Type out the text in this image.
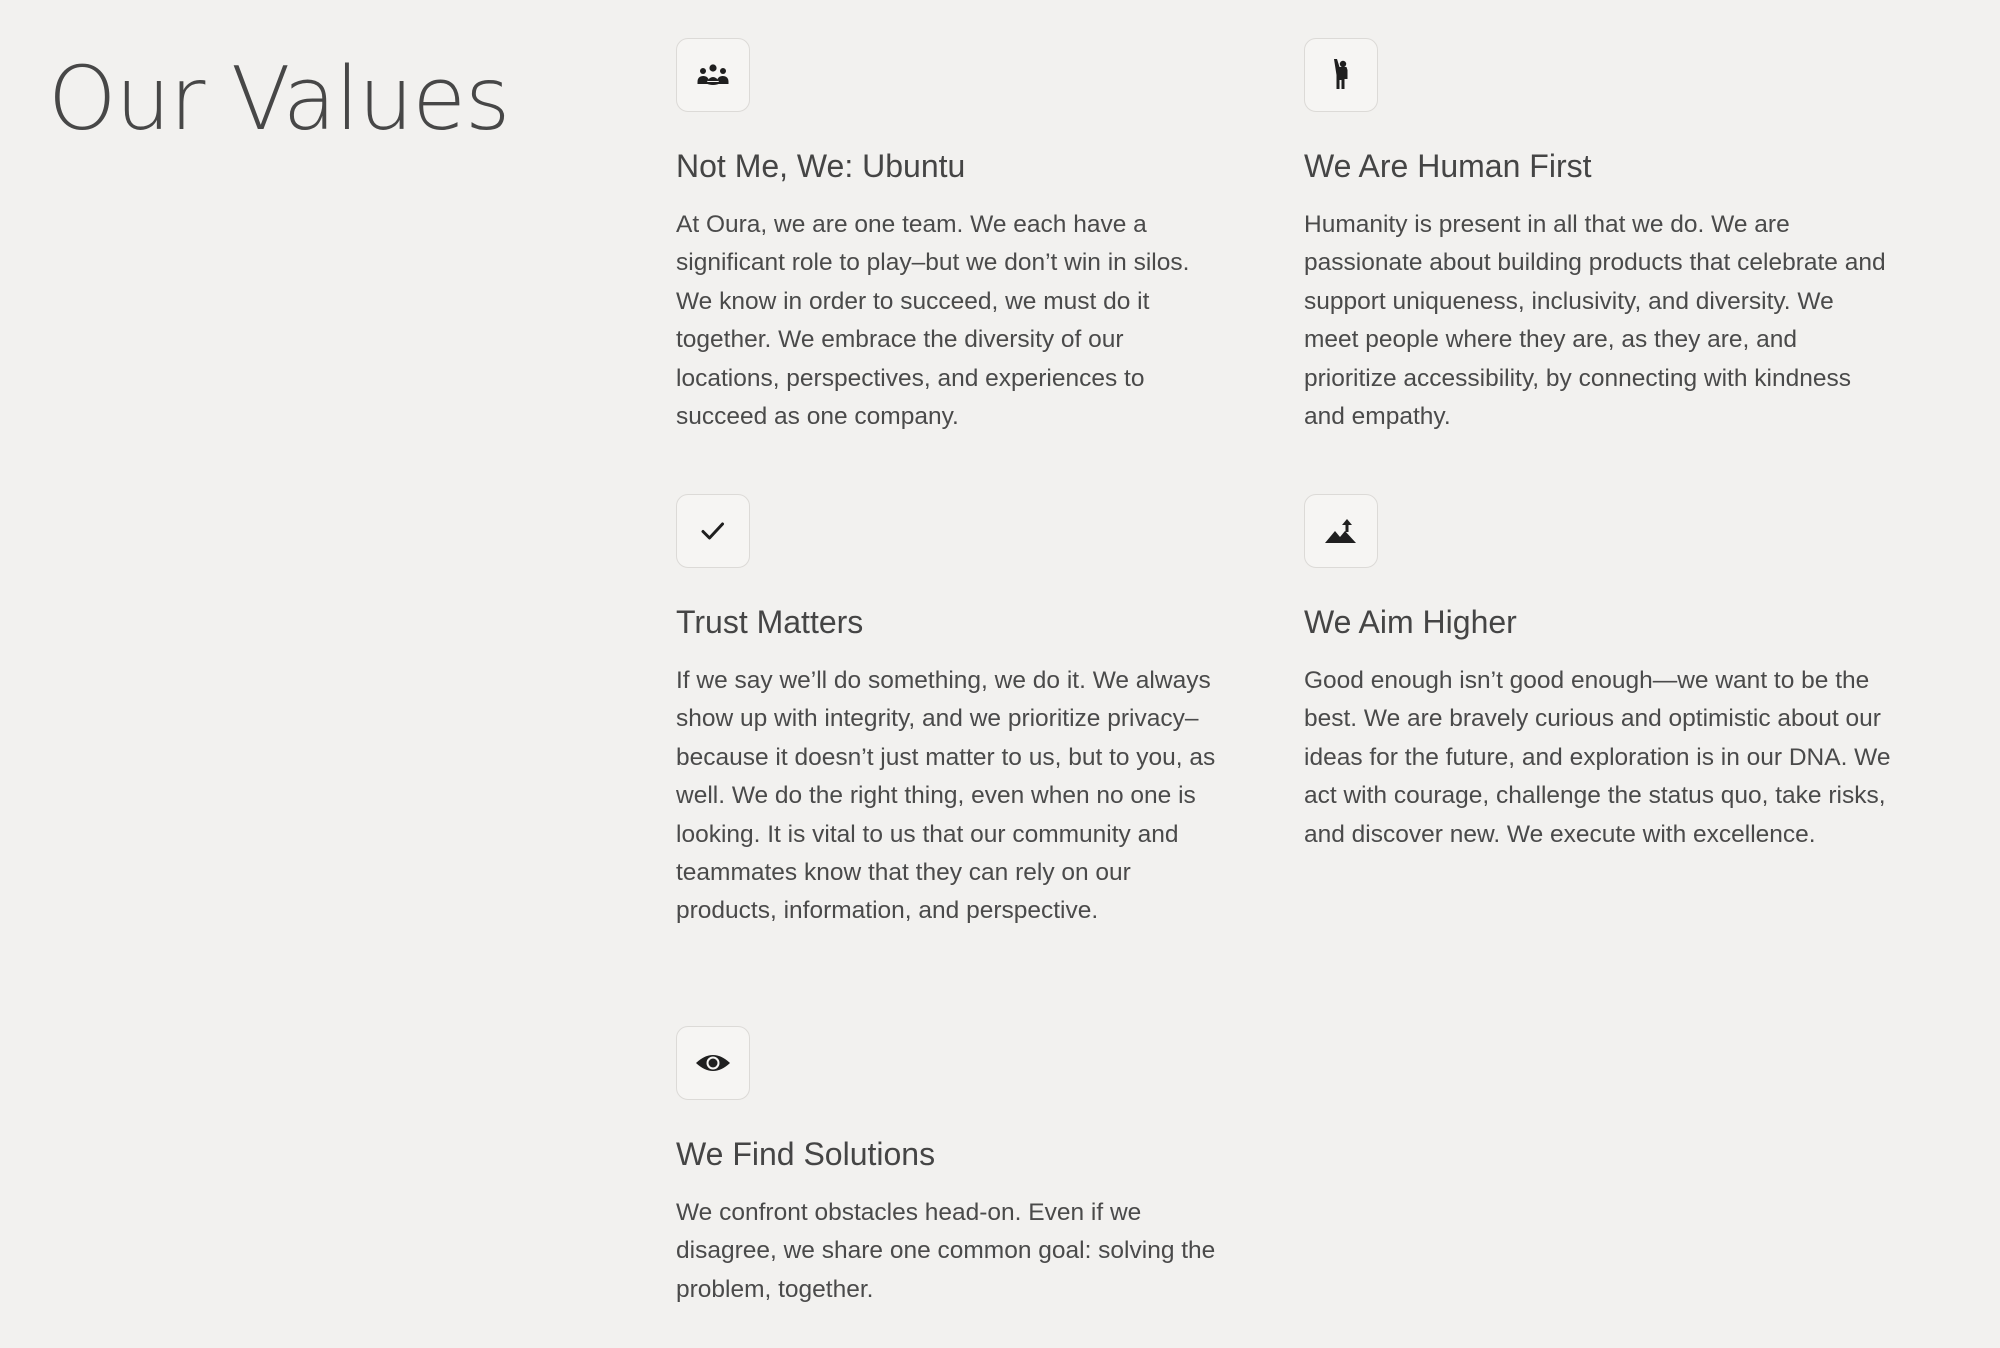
Our Values
Not Me, We: Ubuntu

At Oura, we are one team. We each have a significant role to play–but we don’t win in silos. We know in order to succeed, we must do it together. We embrace the diversity of our locations, perspectives, and experiences to succeed as one company.

We Are Human First

Humanity is present in all that we do. We are passionate about building products that celebrate and support uniqueness, inclusivity, and diversity. We meet people where they are, as they are, and prioritize accessibility, by connecting with kindness and empathy.

Trust Matters

If we say we’ll do something, we do it. We always show up with integrity, and we prioritize privacy– because it doesn’t just matter to us, but to you, as well. We do the right thing, even when no one is looking. It is vital to us that our community and teammates know that they can rely on our products, information, and perspective.

We Aim Higher

Good enough isn’t good enough—we want to be the best. We are bravely curious and optimistic about our ideas for the future, and exploration is in our DNA. We act with courage, challenge the status quo, take risks, and discover new. We execute with excellence.

We Find Solutions

We confront obstacles head-on. Even if we disagree, we share one common goal: solving the problem, together.
